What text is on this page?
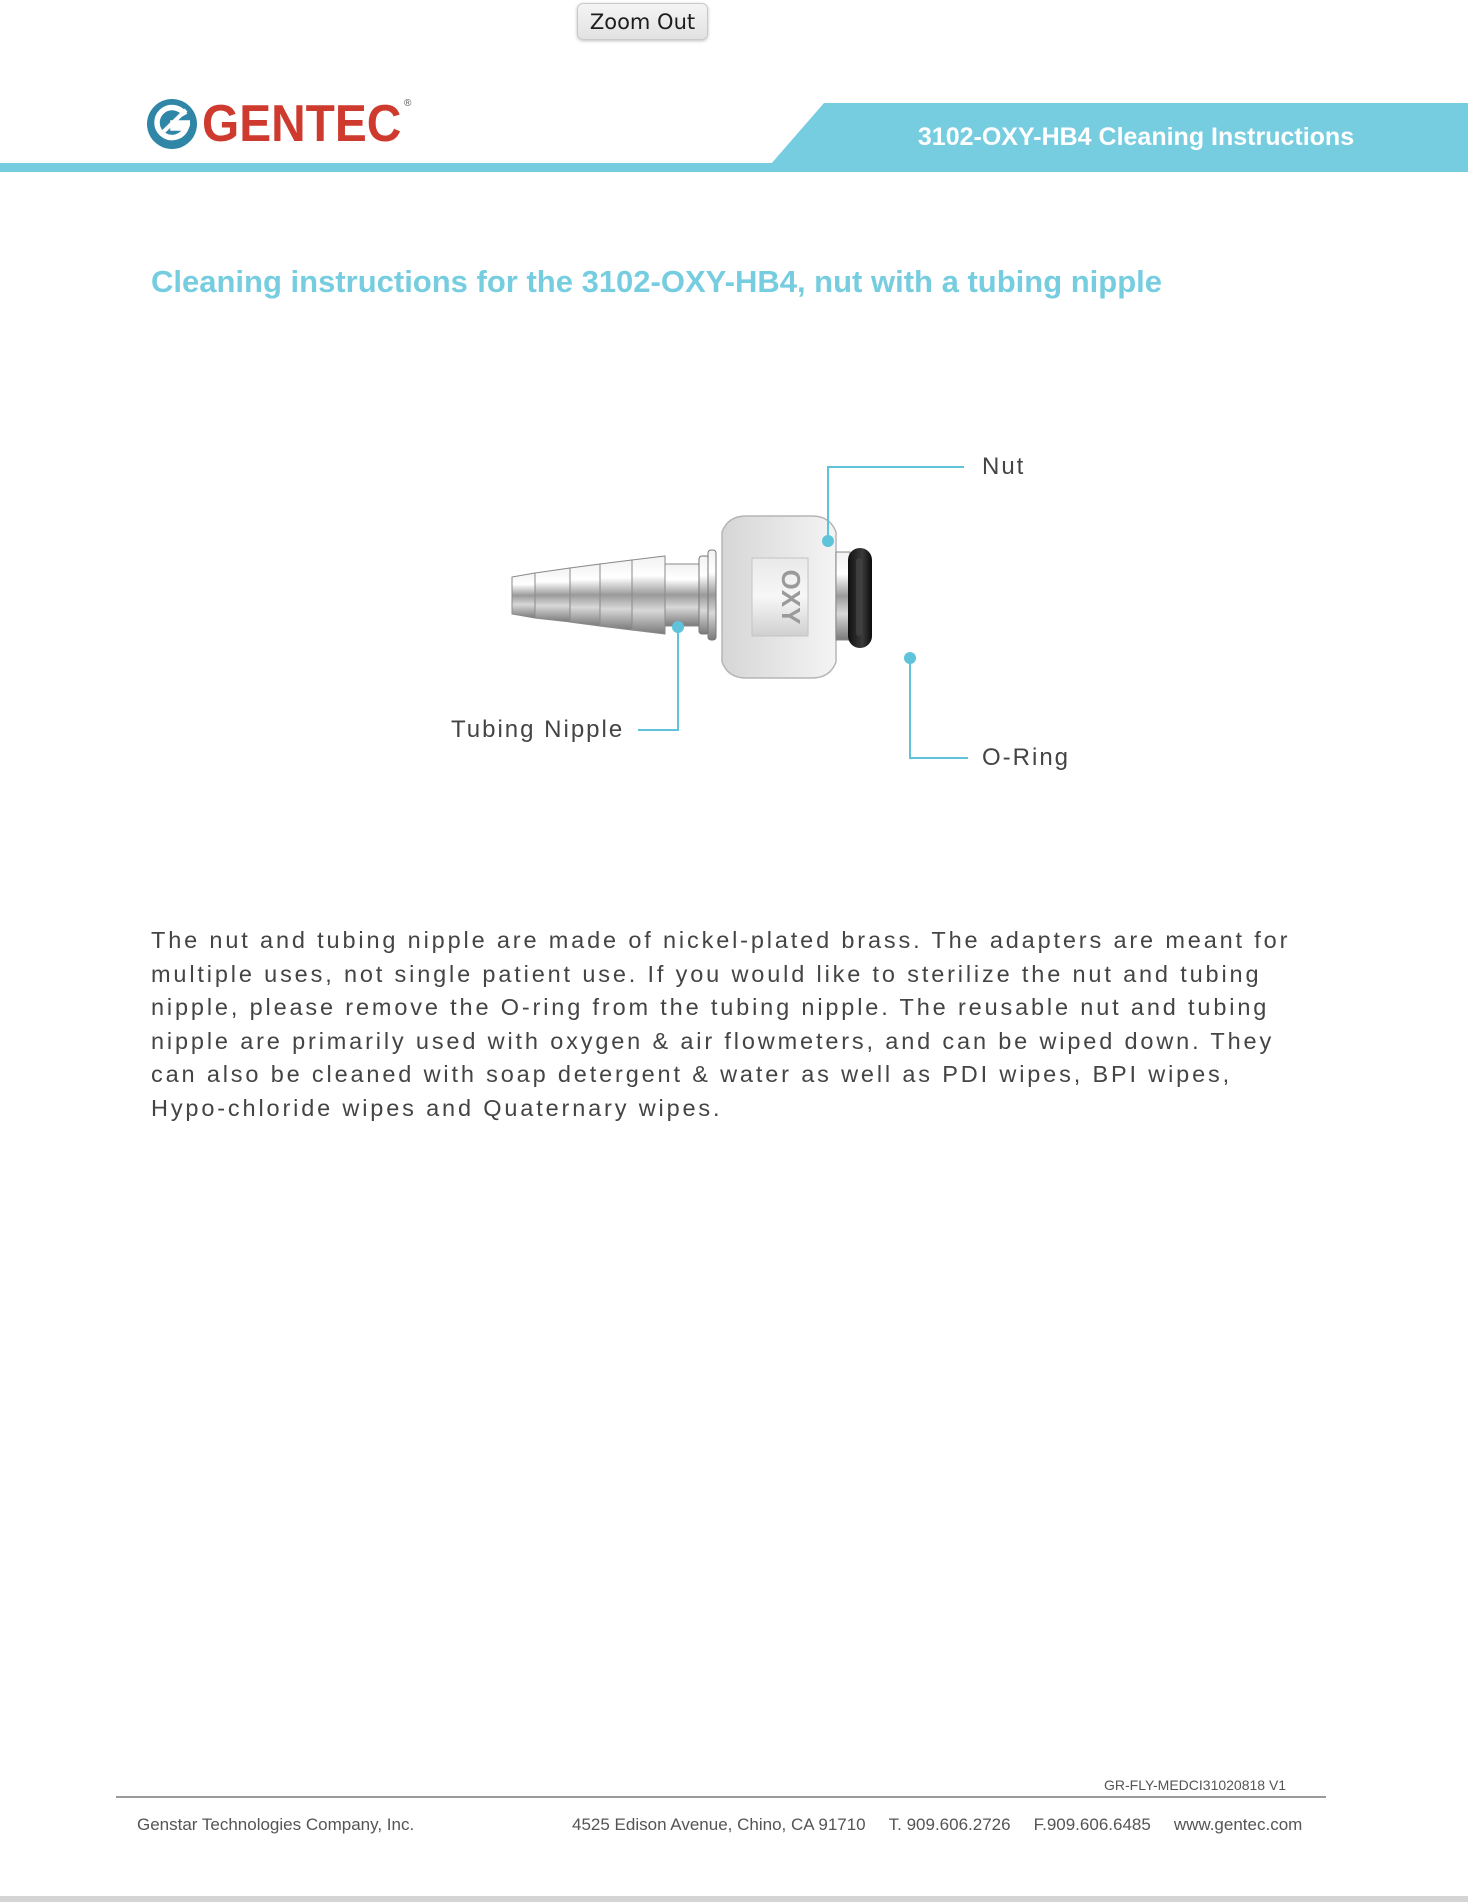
Zoom Out
3102-OXY-HB4 Cleaning Instructions
GENTEC ®
Cleaning instructions for the 3102-OXY-HB4, nut with a tubing nipple
OXY
Nut
Tubing Nipple
O-Ring

The nut and tubing nipple are made of nickel-plated brass. The adapters are meant for multiple uses, not single patient use. If you would like to sterilize the nut and tubing nipple, please remove the O-ring from the tubing nipple. The reusable nut and tubing nipple are primarily used with oxygen & air flowmeters, and can be wiped down. They can also be cleaned with soap detergent & water as well as PDI wipes, BPI wipes, Hypo-chloride wipes and Quaternary wipes.

GR-FLY-MEDCI31020818 V1
Genstar Technologies Company, Inc.	4525 Edison Avenue, Chino, CA 91710 T. 909.606.2726 F.909.606.6485 www.gentec.com
